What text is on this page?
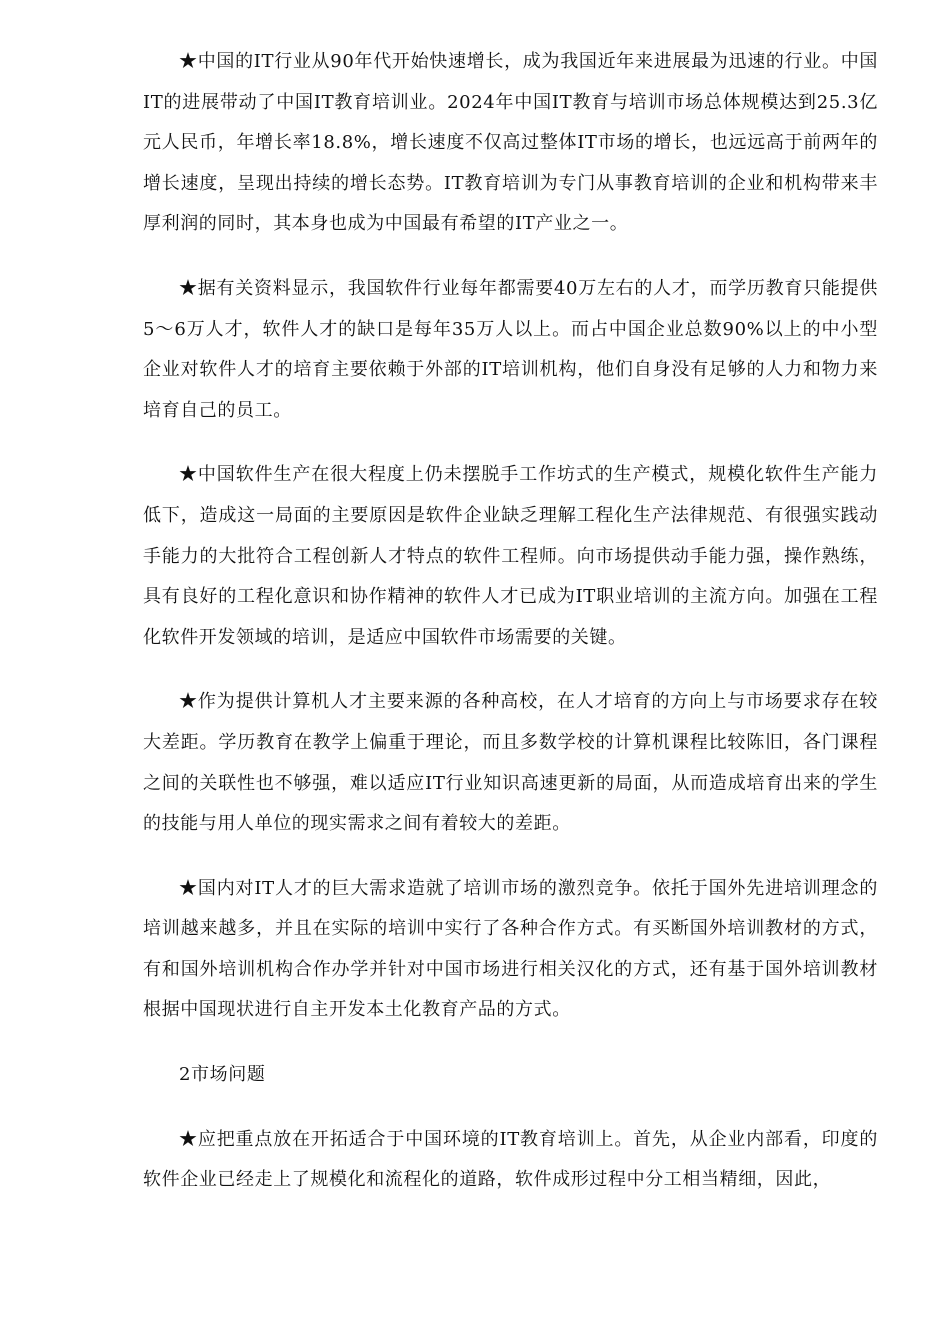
★中国的IT行业从90年代开始快速增长，成为我国近年来进展最为迅速的行业。中国IT的进展带动了中国IT教育培训业。2024年中国IT教育与培训市场总体规模达到25.3亿元人民币，年增长率18.8%，增长速度不仅高过整体IT市场的增长，也远远高于前两年的增长速度，呈现出持续的增长态势。IT教育培训为专门从事教育培训的企业和机构带来丰厚利润的同时，其本身也成为中国最有希望的IT产业之一。

★据有关资料显示，我国软件行业每年都需要40万左右的人才，而学历教育只能提供5～6万人才，软件人才的缺口是每年35万人以上。而占中国企业总数90%以上的中小型企业对软件人才的培育主要依赖于外部的IT培训机构，他们自身没有足够的人力和物力来培育自己的员工。

★中国软件生产在很大程度上仍未摆脱手工作坊式的生产模式，规模化软件生产能力低下，造成这一局面的主要原因是软件企业缺乏理解工程化生产法律规范、有很强实践动手能力的大批符合工程创新人才特点的软件工程师。向市场提供动手能力强，操作熟练，具有良好的工程化意识和协作精神的软件人才已成为IT职业培训的主流方向。加强在工程化软件开发领域的培训，是适应中国软件市场需要的关键。

★作为提供计算机人才主要来源的各种高校，在人才培育的方向上与市场要求存在较大差距。学历教育在教学上偏重于理论，而且多数学校的计算机课程比较陈旧，各门课程之间的关联性也不够强，难以适应IT行业知识高速更新的局面，从而造成培育出来的学生的技能与用人单位的现实需求之间有着较大的差距。

★国内对IT人才的巨大需求造就了培训市场的激烈竞争。依托于国外先进培训理念的培训越来越多，并且在实际的培训中实行了各种合作方式。有买断国外培训教材的方式，有和国外培训机构合作办学并针对中国市场进行相关汉化的方式，还有基于国外培训教材根据中国现状进行自主开发本土化教育产品的方式。

2市场问题

★应把重点放在开拓适合于中国环境的IT教育培训上。首先，从企业内部看，印度的软件企业已经走上了规模化和流程化的道路，软件成形过程中分工相当精细，因此，
